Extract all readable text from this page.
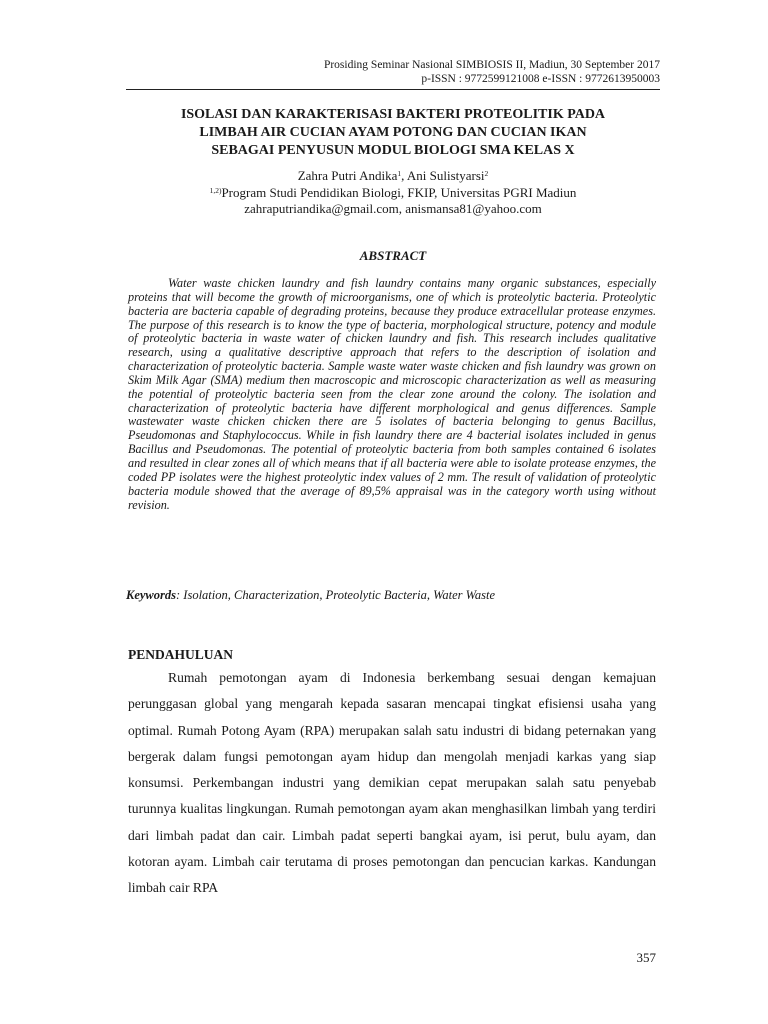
Prosiding Seminar Nasional SIMBIOSIS II, Madiun, 30 September 2017
p-ISSN : 9772599121008 e-ISSN : 9772613950003
ISOLASI DAN KARAKTERISASI BAKTERI PROTEOLITIK PADA
LIMBAH AIR CUCIAN AYAM POTONG DAN CUCIAN IKAN
SEBAGAI PENYUSUN MODUL BIOLOGI SMA KELAS X
Zahra Putri Andika$^1$, Ani Sulistyarsi$^2$
$^{1,2)}$Program Studi Pendidikan Biologi, FKIP, Universitas PGRI Madiun
zahraputriandika@gmail.com, anismansa81@yahoo.com
ABSTRACT

Water waste chicken laundry and fish laundry contains many organic substances, especially proteins that will become the growth of microorganisms, one of which is proteolytic bacteria. Proteolytic bacteria are bacteria capable of degrading proteins, because they produce extracellular protease enzymes. The purpose of this research is to know the type of bacteria, morphological structure, potency and module of proteolytic bacteria in waste water of chicken laundry and fish. This research includes qualitative research, using a qualitative descriptive approach that refers to the description of isolation and characterization of proteolytic bacteria. Sample waste water waste chicken and fish laundry was grown on Skim Milk Agar (SMA) medium then macroscopic and microscopic characterization as well as measuring the potential of proteolytic bacteria seen from the clear zone around the colony. The isolation and characterization of proteolytic bacteria have different morphological and genus differences. Sample wastewater waste chicken chicken there are 5 isolates of bacteria belonging to genus Bacillus, Pseudomonas and Staphylococcus. While in fish laundry there are 4 bacterial isolates included in genus Bacillus and Pseudomonas. The potential of proteolytic bacteria from both samples contained 6 isolates and resulted in clear zones all of which means that if all bacteria were able to isolate protease enzymes, the coded PP isolates were the highest proteolytic index values of 2 mm. The result of validation of proteolytic bacteria module showed that the average of 89,5% appraisal was in the category worth using without revision.

Keywords: Isolation, Characterization, Proteolytic Bacteria, Water Waste
PENDAHULUAN

Rumah pemotongan ayam di Indonesia berkembang sesuai dengan kemajuan perunggasan global yang mengarah kepada sasaran mencapai tingkat efisiensi usaha yang optimal. Rumah Potong Ayam (RPA) merupakan salah satu industri di bidang peternakan yang bergerak dalam fungsi pemotongan ayam hidup dan mengolah menjadi karkas yang siap konsumsi. Perkembangan industri yang demikian cepat merupakan salah satu penyebab turunnya kualitas lingkungan. Rumah pemotongan ayam akan menghasilkan limbah yang terdiri dari limbah padat dan cair. Limbah padat seperti bangkai ayam, isi perut, bulu ayam, dan kotoran ayam. Limbah cair terutama di proses pemotongan dan pencucian karkas. Kandungan limbah cair RPA

357
